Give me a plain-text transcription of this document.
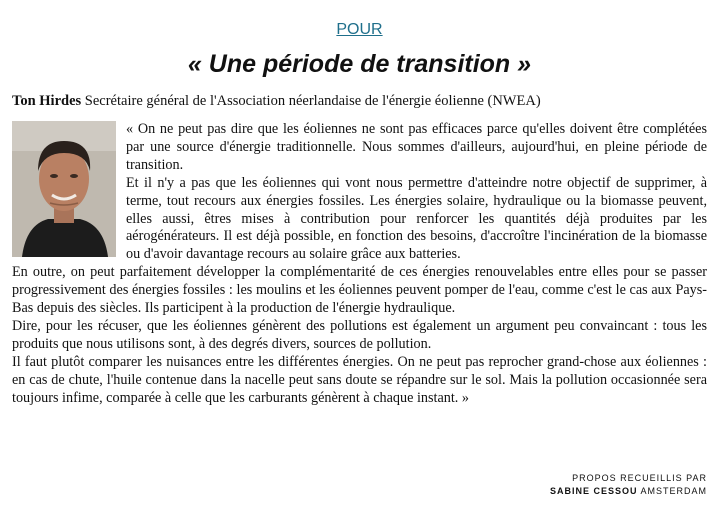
POUR
« Une période de transition »
Ton Hirdes Secrétaire général de l'Association néerlandaise de l'énergie éolienne (NWEA)

« On ne peut pas dire que les éoliennes ne sont pas efficaces parce qu'elles doivent être complétées par une source d'énergie traditionnelle. Nous sommes d'ailleurs, aujourd'hui, en pleine période de transition.

Et il n'y a pas que les éoliennes qui vont nous permettre d'atteindre notre objectif de supprimer, à terme, tout recours aux énergies fossiles. Les énergies solaire, hydraulique ou la biomasse peuvent, elles aussi, êtres mises à contribution pour renforcer les quantités déjà produites par les aérogénérateurs. Il est déjà possible, en fonction des besoins, d'accroître l'incinération de la biomasse ou d'avoir davantage recours au solaire grâce aux batteries.

En outre, on peut parfaitement développer la complémentarité de ces énergies renouvelables entre elles pour se passer progressivement des énergies fossiles : les moulins et les éoliennes peuvent pomper de l'eau, comme c'est le cas aux Pays-Bas depuis des siècles. Ils participent à la production de l'énergie hydraulique.

Dire, pour les récuser, que les éoliennes génèrent des pollutions est également un argument peu convaincant : tous les produits que nous utilisons sont, à des degrés divers, sources de pollution.

Il faut plutôt comparer les nuisances entre les différentes énergies. On ne peut pas reprocher grand-chose aux éoliennes : en cas de chute, l'huile contenue dans la nacelle peut sans doute se répandre sur le sol. Mais la pollution occasionnée sera toujours infime, comparée à celle que les carburants génèrent à chaque instant. »

PROPOS RECUEILLIS PAR
SABINE CESSOU AMSTERDAM
